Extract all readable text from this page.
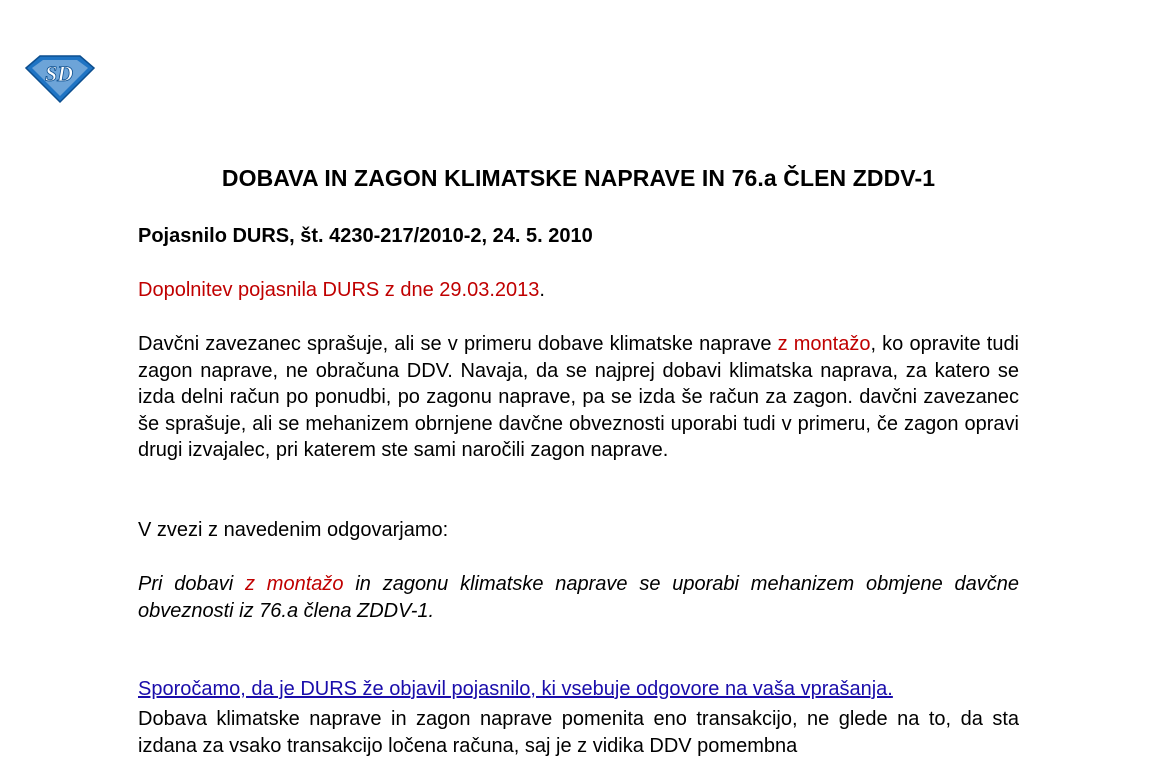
SD
DOBAVA IN ZAGON KLIMATSKE NAPRAVE IN 76.a ČLEN ZDDV-1

Pojasnilo DURS, št. 4230-217/2010-2, 24. 5. 2010

Dopolnitev pojasnila DURS z dne 29.03.2013.

Davčni zavezanec sprašuje, ali se v primeru dobave klimatske naprave z montažo, ko opravite tudi zagon naprave, ne obračuna DDV. Navaja, da se najprej dobavi klimatska naprava, za katero se izda delni račun po ponudbi, po zagonu naprave, pa se izda še račun za zagon. davčni zavezanec še sprašuje, ali se mehanizem obrnjene davčne obveznosti uporabi tudi v primeru, če zagon opravi drugi izvajalec, pri katerem ste sami naročili zagon naprave.

V zvezi z navedenim odgovarjamo:

Pri dobavi z montažo in zagonu klimatske naprave se uporabi mehanizem obmjene davčne obveznosti iz 76.a člena ZDDV-1.

Sporočamo, da je DURS že objavil pojasnilo, ki vsebuje odgovore na vaša vprašanja.

Dobava klimatske naprave in zagon naprave pomenita eno transakcijo, ne glede na to, da sta izdana za vsako transakcijo ločena računa, saj je z vidika DDV pomembna
